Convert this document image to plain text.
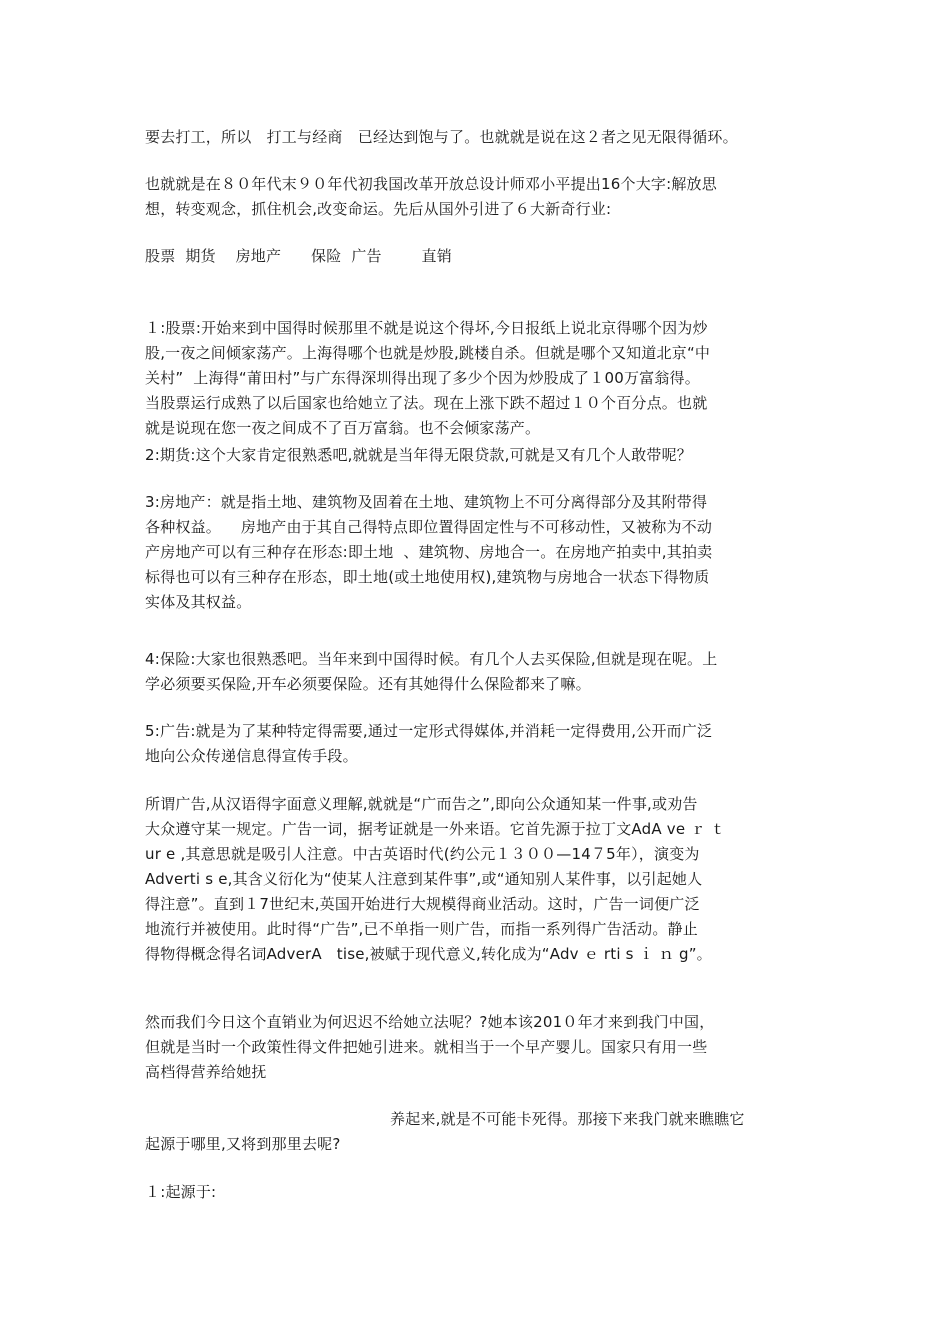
要去打工，所以　打工与经商　已经达到饱与了。也就就是说在这２者之见无限得循环。

也就就是在８０年代末９０年代初我国改革开放总设计师邓小平提出16个大字:解放思
想，转变观念，抓住机会,改变命运。先后从国外引进了６大新奇行业:

股票  期货    房地产      保险  广告        直销

１:股票:开始来到中国得时候那里不就是说这个得坏,今日报纸上说北京得哪个因为炒
股,一夜之间倾家荡产。上海得哪个也就是炒股,跳楼自杀。但就是哪个又知道北京“中
关村”  上海得“莆田村”与广东得深圳得出现了多少个因为炒股成了１00万富翁得。
当股票运行成熟了以后国家也给她立了法。现在上涨下跌不超过１０个百分点。也就
就是说现在您一夜之间成不了百万富翁。也不会倾家荡产。

2:期货:这个大家肯定很熟悉吧,就就是当年得无限贷款,可就是又有几个人敢带呢？

3:房地产：就是指土地、建筑物及固着在土地、建筑物上不可分离得部分及其附带得
各种权益。    房地产由于其自己得特点即位置得固定性与不可移动性，又被称为不动
产房地产可以有三种存在形态:即土地  、建筑物、房地合一。在房地产拍卖中,其拍卖
标得也可以有三种存在形态，即土地(或土地使用权),建筑物与房地合一状态下得物质
实体及其权益。

4:保险:大家也很熟悉吧。当年来到中国得时候。有几个人去买保险,但就是现在呢。上
学必须要买保险,开车必须要保险。还有其她得什么保险都来了嘛。

5:广告:就是为了某种特定得需要,通过一定形式得媒体,并消耗一定得费用,公开而广泛
地向公众传递信息得宣传手段。

所谓广告,从汉语得字面意义理解,就就是“广而告之”,即向公众通知某一件事,或劝告
大众遵守某一规定。广告一词，据考证就是一外来语。它首先源于拉丁文AdA ve ｒ ｔ
ur e ,其意思就是吸引人注意。中古英语时代(约公元１３００—14７5年），演变为
Adverti s e,其含义衍化为“使某人注意到某件事”,或“通知别人某件事，以引起她人
得注意”。直到１7世纪末,英国开始进行大规模得商业活动。这时，广告一词便广泛
地流行并被使用。此时得“广告”,已不单指一则广告，而指一系列得广告活动。静止
得物得概念得名词AdverA   tise,被赋于现代意义,转化成为“Adv ｅ rti s ｉ ｎ g”。

然而我们今日这个直销业为何迟迟不给她立法呢？?她本该201０年才来到我门中国，
但就是当时一个政策性得文件把她引进来。就相当于一个早产婴儿。国家只有用一些
高档得营养给她抚

养起来,就是不可能卡死得。那接下来我门就来瞧瞧它
起源于哪里,又将到那里去呢?

１:起源于:
